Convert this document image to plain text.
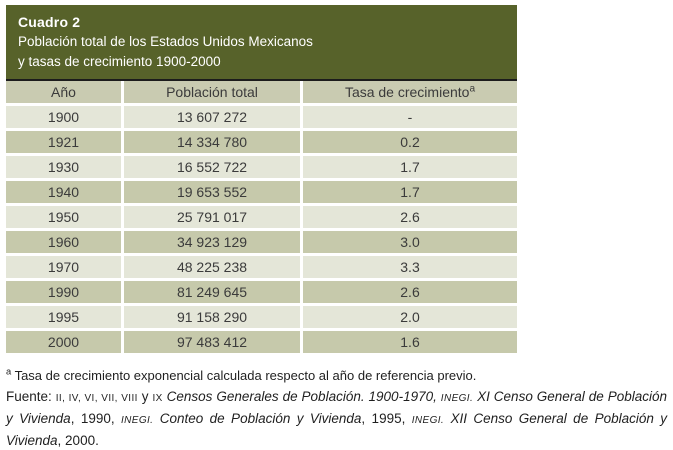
Cuadro 2
Población total de los Estados Unidos Mexicanos
y tasas de crecimiento 1900-2000
Año	Población total	Tasa de crecimiento$^a$
1900	13 607 272	-
1921	14 334 780	0.2
1930	16 552 722	1.7
1940	19 653 552	1.7
1950	25 791 017	2.6
1960	34 923 129	3.0
1970	48 225 238	3.3
1990	81 249 645	2.6
1995	91 158 290	2.0
2000	97 483 412	1.6

$^a$ Tasa de crecimiento exponencial calculada respecto al año de referencia previo.

Fuente: II, IV, VI, VII, VIII y IX Censos Generales de Población. 1900-1970, INEGI. XI Censo General de Población y Vivienda, 1990, INEGI. Conteo de Población y Vivienda, 1995, INEGI. XII Censo General de Población y Vivienda, 2000.
